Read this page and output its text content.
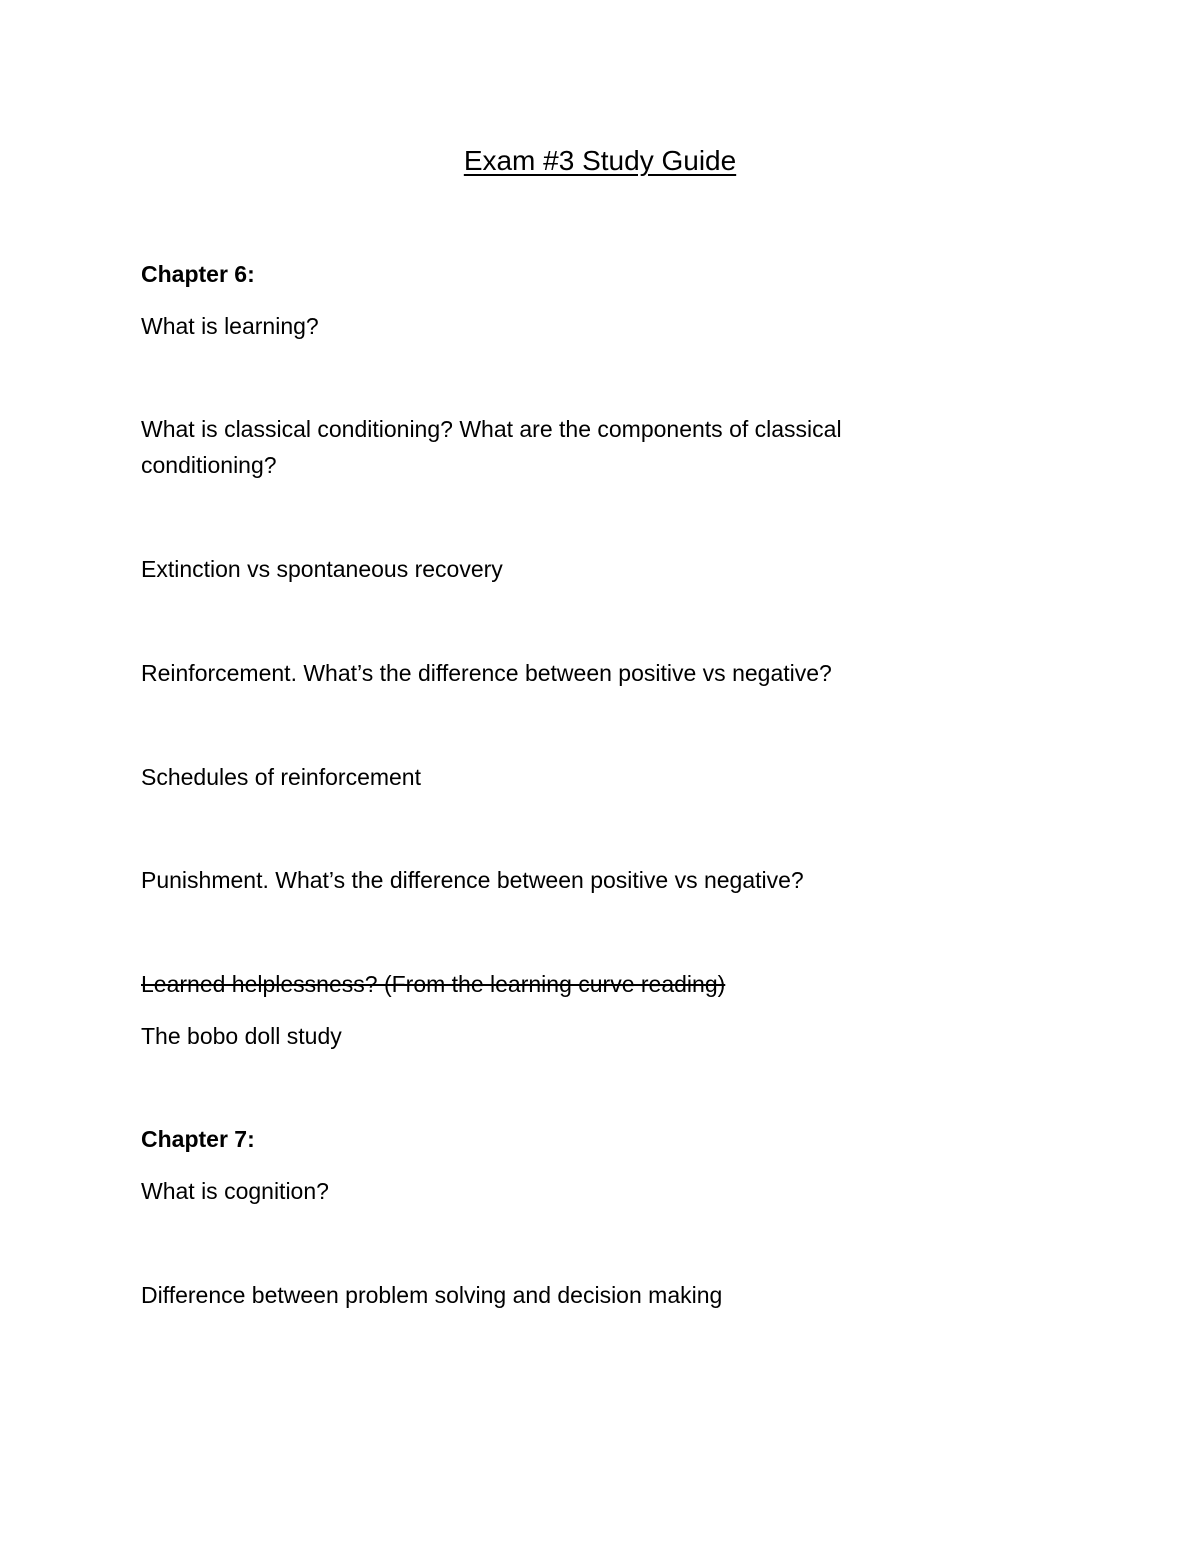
Exam #3 Study Guide
Chapter 6:
What is learning?
What is classical conditioning? What are the components of classical conditioning?
Extinction vs spontaneous recovery
Reinforcement. What’s the difference between positive vs negative?
Schedules of reinforcement
Punishment. What’s the difference between positive vs negative?
Learned helplessness? (From the learning curve reading)
The bobo doll study
Chapter 7:
What is cognition?
Difference between problem solving and decision making
